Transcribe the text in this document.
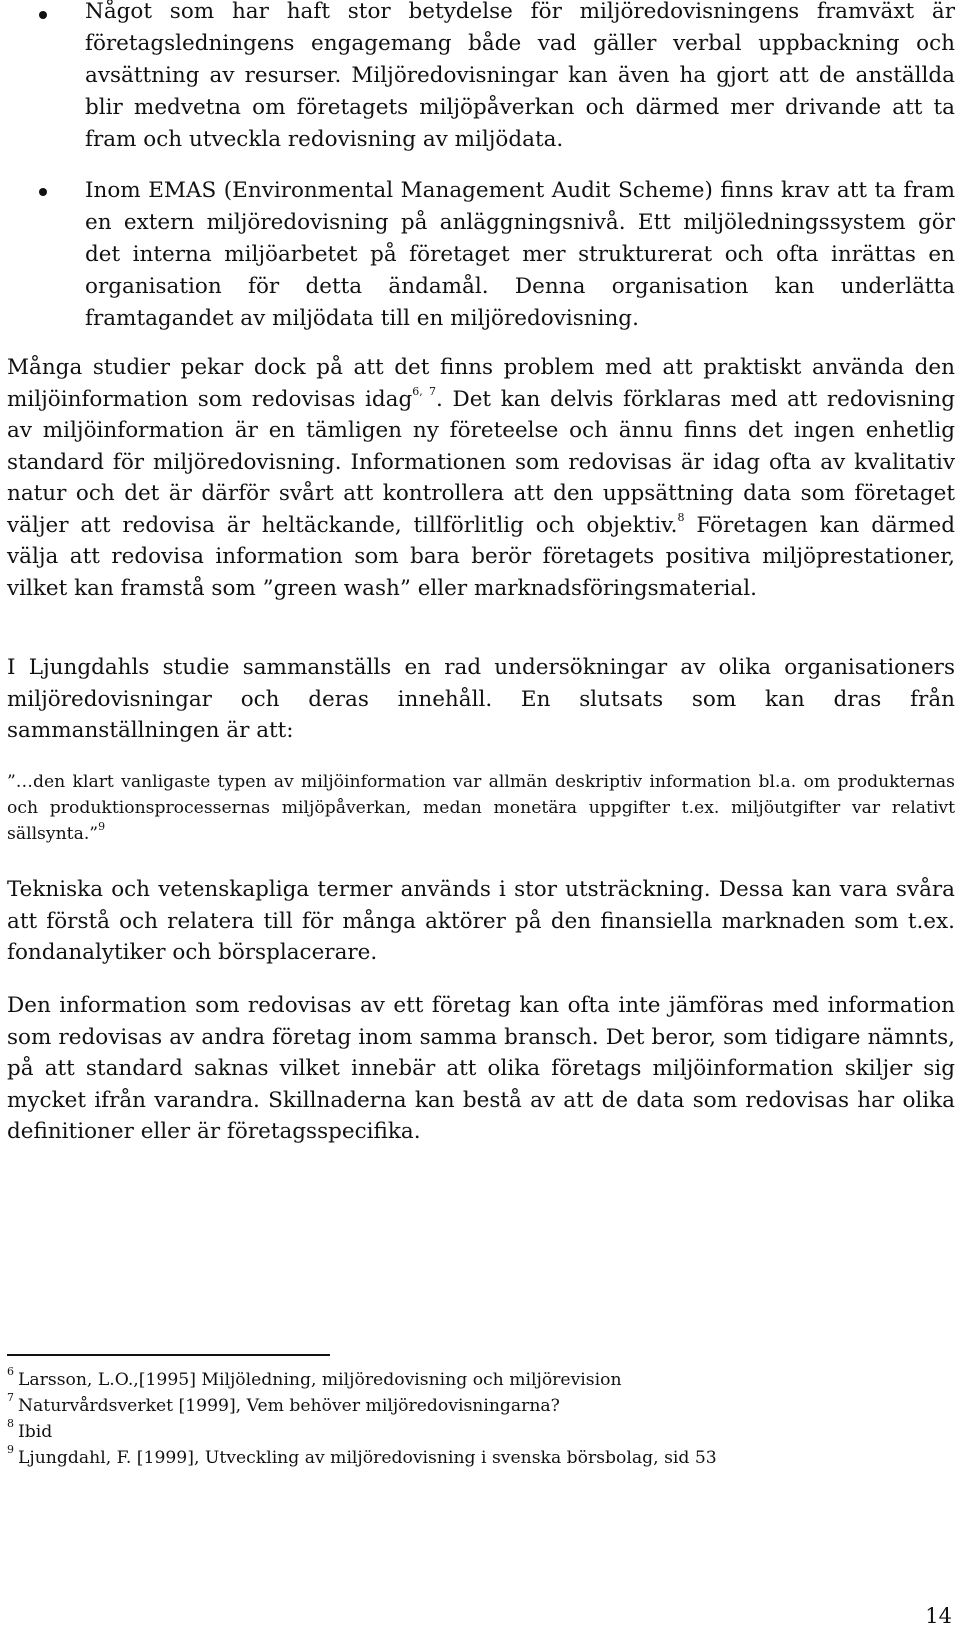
Något som har haft stor betydelse för miljöredovisningens framväxt är företagsledningens engagemang både vad gäller verbal uppbackning och avsättning av resurser. Miljöredovisningar kan även ha gjort att de anställda blir medvetna om företagets miljöpåverkan och därmed mer drivande att ta fram och utveckla redovisning av miljödata.

Inom EMAS (Environmental Management Audit Scheme) finns krav att ta fram en extern miljöredovisning på anläggningsnivå. Ett miljöledningssystem gör det interna miljöarbetet på företaget mer strukturerat och ofta inrättas en organisation för detta ändamål. Denna organisation kan underlätta framtagandet av miljödata till en miljöredovisning.

Många studier pekar dock på att det finns problem med att praktiskt använda den miljöinformation som redovisas idag$^{6, 7}$. Det kan delvis förklaras med att redovisning av miljöinformation är en tämligen ny företeelse och ännu finns det ingen enhetlig standard för miljöredovisning. Informationen som redovisas är idag ofta av kvalitativ natur och det är därför svårt att kontrollera att den uppsättning data som företaget väljer att redovisa är heltäckande, tillförlitlig och objektiv.$^8$ Företagen kan därmed välja att redovisa information som bara berör företagets positiva miljöprestationer, vilket kan framstå som ”green wash” eller marknadsföringsmaterial.

I Ljungdahls studie sammanställs en rad undersökningar av olika organisationers miljöredovisningar och deras innehåll. En slutsats som kan dras från sammanställningen är att:

”…den klart vanligaste typen av miljöinformation var allmän deskriptiv information bl.a. om produkternas och produktionsprocessernas miljöpåverkan, medan monetära uppgifter t.ex. miljöutgifter var relativt sällsynta.”$^9$

Tekniska och vetenskapliga termer används i stor utsträckning. Dessa kan vara svåra att förstå och relatera till för många aktörer på den finansiella marknaden som t.ex. fondanalytiker och börsplacerare.

Den information som redovisas av ett företag kan ofta inte jämföras med information som redovisas av andra företag inom samma bransch. Det beror, som tidigare nämnts, på att standard saknas vilket innebär att olika företags miljöinformation skiljer sig mycket ifrån varandra. Skillnaderna kan bestå av att de data som redovisas har olika definitioner eller är företagsspecifika.

$^6$ Larsson, L.O.,[1995] Miljöledning, miljöredovisning och miljörevision
$^7$ Naturvårdsverket [1999], Vem behöver miljöredovisningarna?
$^8$ Ibid
$^9$ Ljungdahl, F. [1999], Utveckling av miljöredovisning i svenska börsbolag, sid 53
14
